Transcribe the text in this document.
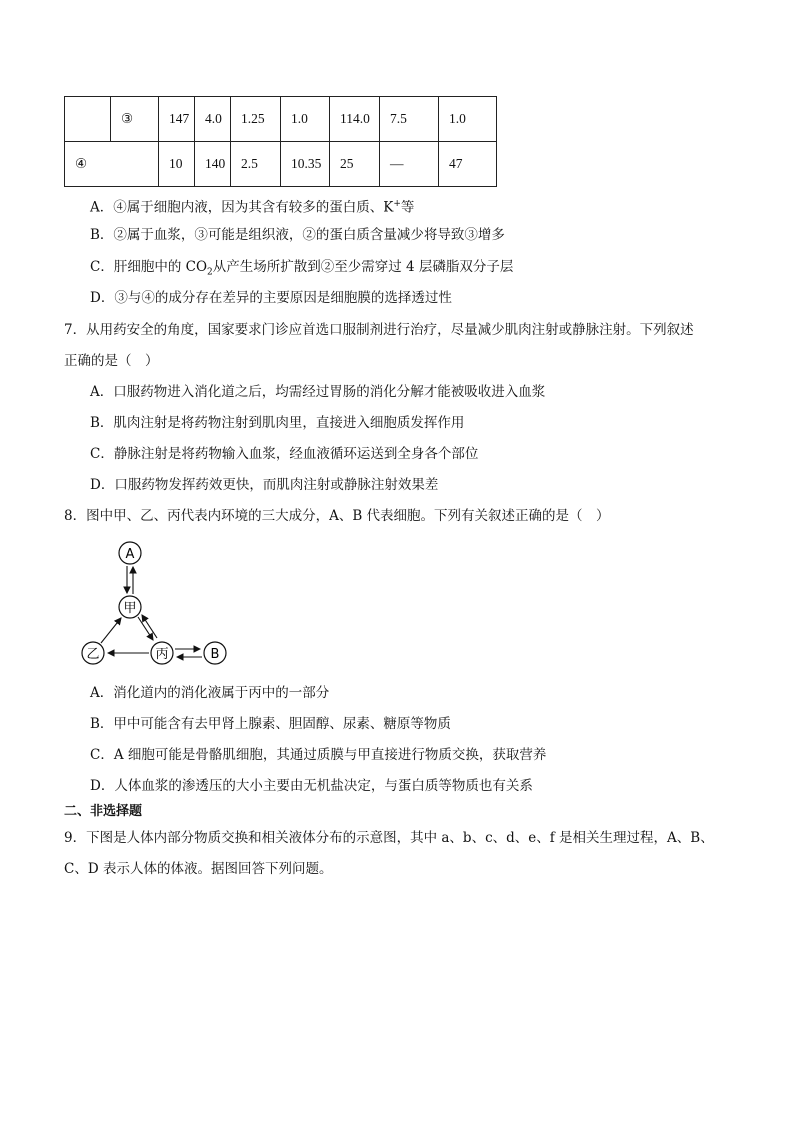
	③	147	4.0	1.25	1.0	114.0	7.5	1.0
④		10	140	2.5	10.35	25	—	47
A．④属于细胞内液，因为其含有较多的蛋白质、K+等
B．②属于血浆，③可能是组织液，②的蛋白质含量减少将导致③增多
C．肝细胞中的 $CO_2$从产生场所扩散到②至少需穿过 4 层磷脂双分子层
D．③与④的成分存在差异的主要原因是细胞膜的选择透过性
7．从用药安全的角度，国家要求门诊应首选口服制剂进行治疗，尽量减少肌肉注射或静脉注射。下列叙述
正确的是（　）
A．口服药物进入消化道之后，均需经过胃肠的消化分解才能被吸收进入血浆
B．肌肉注射是将药物注射到肌肉里，直接进入细胞质发挥作用
C．静脉注射是将药物输入血浆，经血液循环运送到全身各个部位
D．口服药物发挥药效更快，而肌肉注射或静脉注射效果差
8．图中甲、乙、丙代表内环境的三大成分，A、B 代表细胞。下列有关叙述正确的是（　）
A
甲
乙	丙	B
A．消化道内的消化液属于丙中的一部分
B．甲中可能含有去甲肾上腺素、胆固醇、尿素、糖原等物质
C．A 细胞可能是骨骼肌细胞，其通过质膜与甲直接进行物质交换，获取营养
D．人体血浆的渗透压的大小主要由无机盐决定，与蛋白质等物质也有关系
二、非选择题
9．下图是人体内部分物质交换和相关液体分布的示意图，其中 a、b、c、d、e、f 是相关生理过程，A、B、
C、D 表示人体的体液。据图回答下列问题。
